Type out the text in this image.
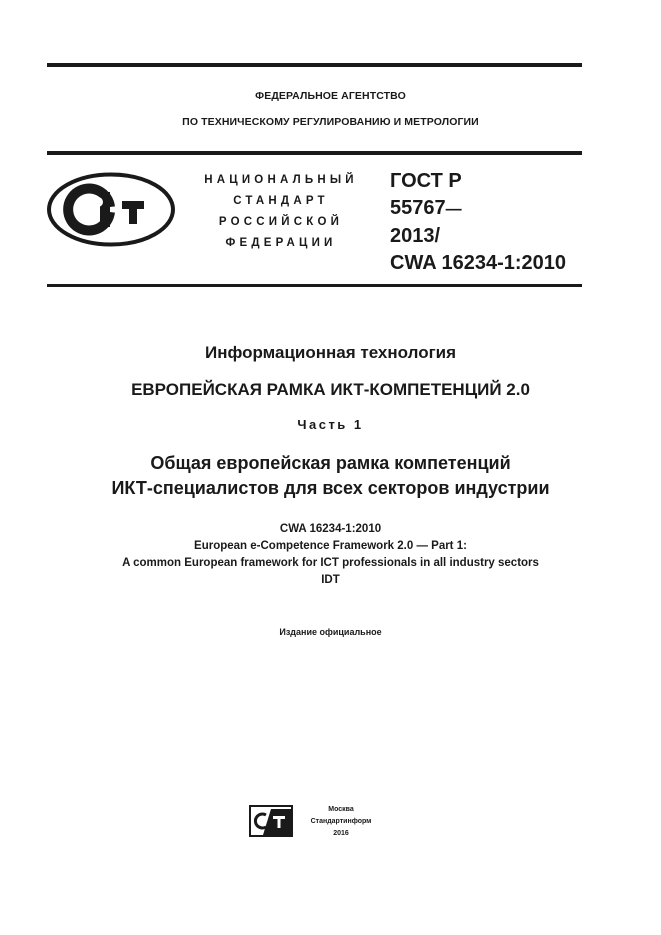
ФЕДЕРАЛЬНОЕ АГЕНТСТВО
ПО ТЕХНИЧЕСКОМУ РЕГУЛИРОВАНИЮ И МЕТРОЛОГИИ
НАЦИОНАЛЬНЫЙ
СТАНДАРТ
РОССИЙСКОЙ
ФЕДЕРАЦИИ
ГОСТ Р
55767—
2013/
CWA 16234-1:2010
Информационная технология
ЕВРОПЕЙСКАЯ РАМКА ИКТ-КОМПЕТЕНЦИЙ 2.0
Часть 1
Общая европейская рамка компетенций
ИКТ-специалистов для всех секторов индустрии
CWA 16234-1:2010
European e-Competence Framework 2.0 — Part 1:
A common European framework for ICT professionals in all industry sectors
IDT
Издание официальное
Москва
Стандартинформ
2016
